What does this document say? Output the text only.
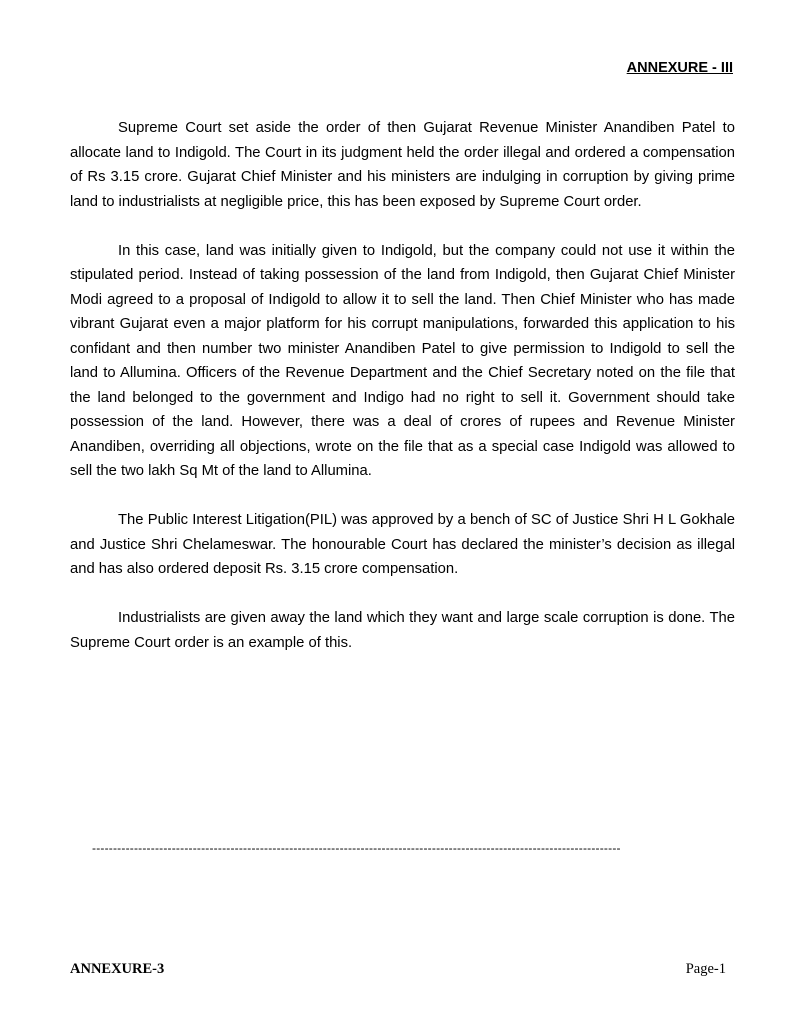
ANNEXURE - III

Supreme Court set aside the order of then Gujarat Revenue Minister Anandiben Patel to allocate land to Indigold. The Court in its judgment held the order illegal and ordered a compensation of Rs 3.15 crore. Gujarat Chief Minister and his ministers are indulging in corruption by giving prime land to industrialists at negligible price, this has been exposed by Supreme Court order.

In this case, land was initially given to Indigold, but the company could not use it within the stipulated period. Instead of taking possession of the land from Indigold, then Gujarat Chief Minister Modi agreed to a proposal of Indigold to allow it to sell the land. Then Chief Minister who has made vibrant Gujarat even a major platform for his corrupt manipulations, forwarded this application to his confidant and then number two minister Anandiben Patel to give permission to Indigold to sell the land to Allumina. Officers of the Revenue Department and the Chief Secretary noted on the file that the land belonged to the government and Indigo had no right to sell it. Government should take possession of the land. However, there was a deal of crores of rupees and Revenue Minister Anandiben, overriding all objections, wrote on the file that as a special case Indigold was allowed to sell the two lakh Sq Mt of the land to Allumina.

The Public Interest Litigation(PIL) was approved by a bench of SC of Justice Shri H L Gokhale and Justice Shri Chelameswar. The honourable Court has declared the minister’s decision as illegal and has also ordered deposit Rs. 3.15 crore compensation.

Industrialists are given away the land which they want and large scale corruption is done. The Supreme Court order is an example of this.

------------------------------------------------------------------------------------------------------------------------------
ANNEXURE-3	Page-1
